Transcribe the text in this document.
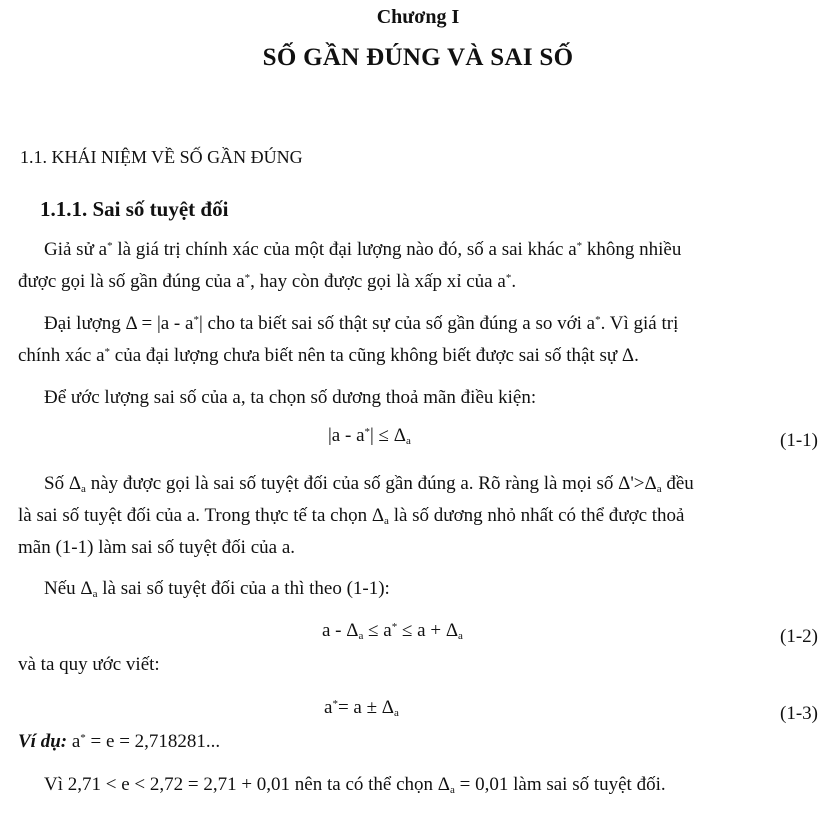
Chương I
SỐ GẦN ĐÚNG VÀ SAI SỐ
1.1. KHÁI NIỆM VỀ SỐ GẦN ĐÚNG
1.1.1. Sai số tuyệt đối
Giả sử a* là giá trị chính xác của một đại lượng nào đó, số a sai khác a* không nhiều
được gọi là số gần đúng của a*, hay còn được gọi là xấp xỉ của a*.
Đại lượng Δ = |a - a*| cho ta biết sai số thật sự của số gần đúng a so với a*. Vì giá trị
chính xác a* của đại lượng chưa biết nên ta cũng không biết được sai số thật sự Δ.
Để ước lượng sai số của a, ta chọn số dương thoả mãn điều kiện:
$|a - a^*| \le \Delta_a$	(1-1)
Số $\Delta_a$ này được gọi là sai số tuyệt đối của số gần đúng a. Rõ ràng là mọi số $\Delta'>\Delta_a$ đều
là sai số tuyệt đối của a. Trong thực tế ta chọn $\Delta_a$ là số dương nhỏ nhất có thể được thoả
mãn (1-1) làm sai số tuyệt đối của a.
Nếu $\Delta_a$ là sai số tuyệt đối của a thì theo (1-1):
$a - \Delta_a \le a^* \le a + \Delta_a$	(1-2)
và ta quy ước viết:
$a^*= a \pm \Delta_a$	(1-3)
Ví dụ: a* = e = 2,718281...
Vì 2,71 < e < 2,72 = 2,71 + 0,01 nên ta có thể chọn $\Delta_a = 0,01$ làm sai số tuyệt đối.
